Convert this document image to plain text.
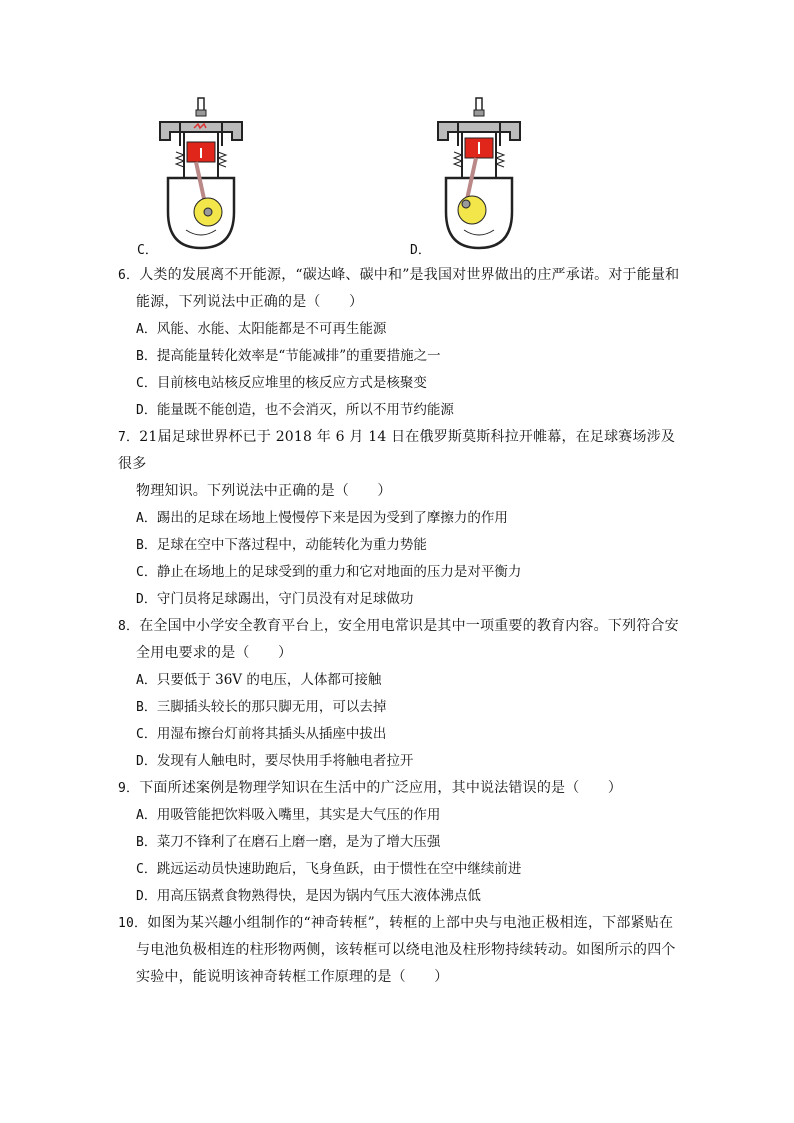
C．	D．

6．人类的发展离不开能源，“碳达峰、碳中和”是我国对世界做出的庄严承诺。对于能量和

能源，下列说法中正确的是（　　）

A．风能、水能、太阳能都是不可再生能源

B．提高能量转化效率是“节能减排”的重要措施之一

C．目前核电站核反应堆里的核反应方式是核聚变

D．能量既不能创造，也不会消灭，所以不用节约能源

7．21届足球世界杯已于 2018 年 6 月 14 日在俄罗斯莫斯科拉开帷幕，在足球赛场涉及很多

物理知识。下列说法中正确的是（　　）

A．踢出的足球在场地上慢慢停下来是因为受到了摩擦力的作用

B．足球在空中下落过程中，动能转化为重力势能

C．静止在场地上的足球受到的重力和它对地面的压力是对平衡力

D．守门员将足球踢出，守门员没有对足球做功

8．在全国中小学安全教育平台上，安全用电常识是其中一项重要的教育内容。下列符合安

全用电要求的是（　　）

A．只要低于 36V 的电压，人体都可接触

B．三脚插头较长的那只脚无用，可以去掉

C．用湿布擦台灯前将其插头从插座中拔出

D．发现有人触电时，要尽快用手将触电者拉开

9．下面所述案例是物理学知识在生活中的广泛应用，其中说法错误的是（　　）

A．用吸管能把饮料吸入嘴里，其实是大气压的作用

B．菜刀不锋利了在磨石上磨一磨，是为了增大压强

C．跳远运动员快速助跑后，飞身鱼跃，由于惯性在空中继续前进

D．用高压锅煮食物熟得快，是因为锅内气压大液体沸点低

10．如图为某兴趣小组制作的“神奇转框”，转框的上部中央与电池正极相连，下部紧贴在

与电池负极相连的柱形物两侧，该转框可以绕电池及柱形物持续转动。如图所示的四个

实验中，能说明该神奇转框工作原理的是（　　）
